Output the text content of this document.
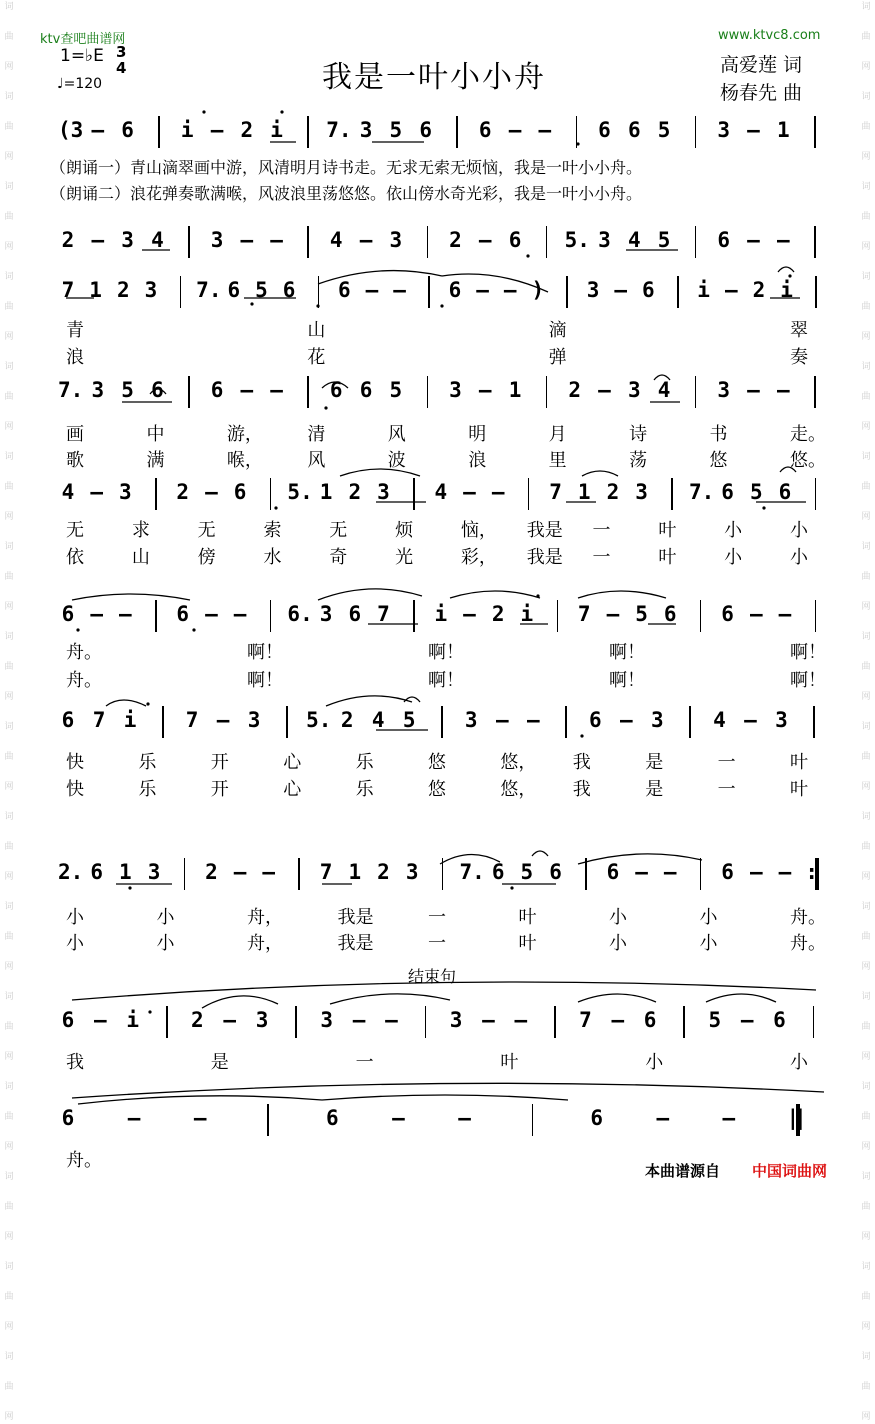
词
曲
网
词
曲
网
词
曲
网
词
曲
网
词
曲
网
词
曲
网
词
曲
网
词
曲
网
词
曲
网
词
曲
网
词
曲
网
词
曲
网
词
曲
网
词
曲
网
词
曲
网
词
曲
网
词
曲
网
词
曲
网
词
曲
网
词
曲
网
词
曲
网
词
曲
网
词
曲
网
词
曲
网
词
曲
网
词
曲
网
词
曲
网
词
曲
网
词
曲
网
词
曲
网
词
曲
网
词
曲
网
ktv查吧曲谱网	www.ktvc8.com
我是一叶小小舟	高爱莲 词
杨春先 曲
1=♭E 3
4
♩=120
（朗诵一）青山滴翠画中游，风清明月诗书走。无求无索无烦恼，我是一叶小小舟。
（朗诵二）浪花弹奏歌满喉，风波浪里荡悠悠。依山傍水奇光彩，我是一叶小小舟。
(3 – 6 i – 2 i 7. 3 5 6 6 – – 6 6 5 3 – 1
2 – 3 4 3 – – 4 – 3 2 – 6 5. 3 4 5 6 – –
7 1 2 3 7. 6 5 6 6 – – 6 – – ) 3 – 6 i – 2 i
7. 3 5 6 6 – – 6 6 5 3 – 1 2 – 3 4 3 – –
4 – 3 2 – 6 5. 1 2 3 4 – – 7 1 2 3 7. 6 5 6
6 – – 6 – – 6. 3 6 7 i – 2 i 7 – 5 6 6 – –
6 7 i 7 – 3 5. 2 4 5 3 – – 6 – 3 4 – 3
2. 6 1 3 2 – – 7 1 2 3 7. 6 5 6 6 – – 6 – – :
6 – i 2 – 3 3 – – 3 – – 7 – 6 5 – 6
6	–	–	6	–	–	6	–	–	||
青	山	滴	翠
浪	花	弹	奏
画	中	游， 清	风	明	月	诗	书	走。
歌	满	喉， 风	波	浪	里	荡	悠	悠。
无	求	无	索	无	烦	恼， 我是 一	叶	小	小
依	山	傍	水	奇	光	彩， 我是 一	叶	小	小
舟。	啊！	啊！	啊！	啊！
舟。	啊！	啊！	啊！	啊！
快	乐	开	心	乐	悠	悠， 我	是	一	叶
快	乐	开	心	乐	悠	悠， 我	是	一	叶
小	小	舟，	我是	一	叶	小	小	舟。
小	小	舟，	我是	一	叶	小	小	舟。
我	是	一	叶	小	小
舟。
结束句
本曲谱源自 中国词曲网
